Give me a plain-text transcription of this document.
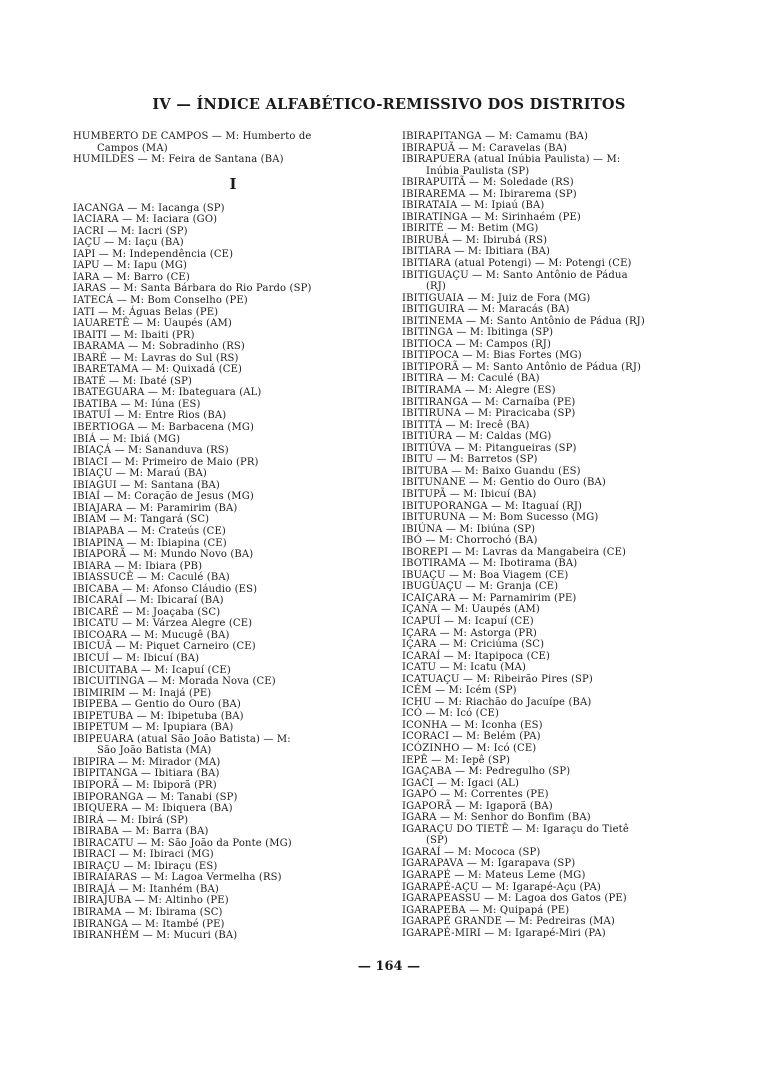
IV — ÍNDICE ALFABÉTICO-REMISSIVO DOS DISTRITOS
HUMBERTO DE CAMPOS — M: Humberto de
Campos (MA)
HUMILDES — M: Feira de Santana (BA)
I
IACANGA — M: Iacanga (SP)
IACIARA — M: Iaciara (GO)
IACRI — M: Iacri (SP)
IAÇU — M: Iaçu (BA)
IAPI — M: Independência (CE)
IAPU — M: Iapu (MG)
IARA — M: Barro (CE)
IARAS — M: Santa Bárbara do Rio Pardo (SP)
IATECÁ — M: Bom Conselho (PE)
IATI — M: Águas Belas (PE)
IAUARETÊ — M: Uaupés (AM)
IBAITI — M: Ibaiti (PR)
IBARAMA — M: Sobradinho (RS)
IBARÉ — M: Lavras do Sul (RS)
IBARETAMA — M: Quixadá (CE)
IBATÉ — M: Ibaté (SP)
IBATEGUARA — M: Ibateguara (AL)
IBATIBA — M: Iúna (ES)
IBATUÍ — M: Entre Rios (BA)
IBERTIOGA — M: Barbacena (MG)
IBIÁ — M: Ibiá (MG)
IBIAÇÁ — M: Sananduva (RS)
IBIACI — M: Primeiro de Maio (PR)
IBIAÇU — M: Maraú (BA)
IBIAGUI — M: Santana (BA)
IBIAÍ — M: Coração de Jesus (MG)
IBIAJARA — M: Paramirim (BA)
IBIAM — M: Tangará (SC)
IBIAPABA — M: Crateús (CE)
IBIAPINA — M: Ibiapina (CE)
IBIAPORÃ — M: Mundo Novo (BA)
IBIARA — M: Ibiara (PB)
IBIASSUCÊ — M: Caculé (BA)
IBICABA — M: Afonso Cláudio (ES)
IBICARAÍ — M: Ibicaraí (BA)
IBICARÉ — M: Joaçaba (SC)
IBICATU — M: Várzea Alegre (CE)
IBICOARA — M: Mucugê (BA)
IBICUÃ — M: Piquet Carneiro (CE)
IBICUÍ — M: Ibicuí (BA)
IBICUITABA — M: Icapuí (CE)
IBICUITINGA — M: Morada Nova (CE)
IBIMIRIM — M: Inajá (PE)
IBIPEBA — Gentio do Ouro (BA)
IBIPETUBA — M: Ibipetuba (BA)
IBIPETUM — M: Ipupiara (BA)
IBIPEUARA (atual São João Batista) — M:
São João Batista (MA)
IBIPIRA — M: Mirador (MA)
IBIPITANGA — Ibitiara (BA)
IBIPORÃ — M: Ibiporã (PR)
IBIPORANGA — M: Tanabi (SP)
IBIQUERA — M: Ibiquera (BA)
IBIRÁ — M: Ibirá (SP)
IBIRABA — M: Barra (BA)
IBIRACATU — M: São João da Ponte (MG)
IBIRACI — M: Ibiraci (MG)
IBIRAÇU — M: Ibiraçu (ES)
IBIRAIARAS — M: Lagoa Vermelha (RS)
IBIRAJÁ — M: Itanhém (BA)
IBIRAJUBA — M: Altinho (PE)
IBIRAMA — M: Ibirama (SC)
IBIRANGA — M: Itambé (PE)
IBIRANHÉM — M: Mucuri (BA)
IBIRAPITANGA — M: Camamu (BA)
IBIRAPUÃ — M: Caravelas (BA)
IBIRAPUERA (atual Inúbia Paulista) — M:
Inúbia Paulista (SP)
IBIRAPUITÃ — M: Soledade (RS)
IBIRAREMA — M: Ibirarema (SP)
IBIRATAIA — M: Ipiaú (BA)
IBIRATINGA — M: Sirinhaém (PE)
IBIRITÉ — M: Betim (MG)
IBIRUBÁ — M: Ibirubá (RS)
IBITIARA — M: Ibitiara (BA)
IBITIARA (atual Potengi) — M: Potengi (CE)
IBITIGUAÇU — M: Santo Antônio de Pádua
(RJ)
IBITIGUAIA — M: Juiz de Fora (MG)
IBITIGUIRA — M: Maracás (BA)
IBITINEMA — M: Santo Antônio de Pádua (RJ)
IBITINGA — M: Ibitinga (SP)
IBITIOCA — M: Campos (RJ)
IBITIPOCA — M: Bias Fortes (MG)
IBITIPORÃ — M: Santo Antônio de Pádua (RJ)
IBITIRA — M: Caculé (BA)
IBITIRAMA — M: Alegre (ES)
IBITIRANGA — M: Carnaíba (PE)
IBITIRUNA — M: Piracicaba (SP)
IBITITÁ — M: Irecê (BA)
IBITIÚRA — M: Caldas (MG)
IBITIÚVA — M: Pitangueiras (SP)
IBITU — M: Barretos (SP)
IBITUBA — M: Baixo Guandu (ES)
IBITUNANE — M: Gentio do Ouro (BA)
IBITUPÃ — M: Ibicuí (BA)
IBITUPORANGA — M: Itaguaí (RJ)
IBITURUNA — M: Bom Sucesso (MG)
IBIÚNA — M: Ibiúna (SP)
IBÓ — M: Chorrochó (BA)
IBOREPI — M: Lavras da Mangabeira (CE)
IBOTIRAMA — M: Ibotirama (BA)
IBUAÇU — M: Boa Viagem (CE)
IBUGUAÇU — M: Granja (CE)
ICAIÇARA — M: Parnamirim (PE)
IÇANA — M: Uaupés (AM)
ICAPUÍ — M: Icapuí (CE)
IÇARA — M: Astorga (PR)
IÇARA — M: Criciúma (SC)
ICARAÍ — M: Itapipoca (CE)
ICATU — M: Icatu (MA)
ICATUAÇU — M: Ribeirão Pires (SP)
ICÉM — M: Icém (SP)
ICHU — M: Riachão do Jacuípe (BA)
ICÓ — M: Icó (CE)
ICONHA — M: Iconha (ES)
ICORACI — M: Belém (PA)
ICÓZINHO — M: Icó (CE)
IEPÊ — M: Iepê (SP)
IGAÇABA — M: Pedregulho (SP)
IGACI — M: Igaci (AL)
IGAPÓ — M: Correntes (PE)
IGAPORÃ — M: Igaporã (BA)
IGARA — M: Senhor do Bonfim (BA)
IGARAÇU DO TIETÊ — M: Igaraçu do Tietê
(SP)
IGARAÍ — M: Mococa (SP)
IGARAPAVA — M: Igarapava (SP)
IGARAPÉ — M: Mateus Leme (MG)
IGARAPÉ-AÇU — M: Igarapé-Açu (PA)
IGARAPEASSU — M: Lagoa dos Gatos (PE)
IGARAPEBA — M: Quipapá (PE)
IGARAPÉ GRANDE — M: Pedreiras (MA)
IGARAPÉ-MIRI — M: Igarapé-Miri (PA)
— 164 —
